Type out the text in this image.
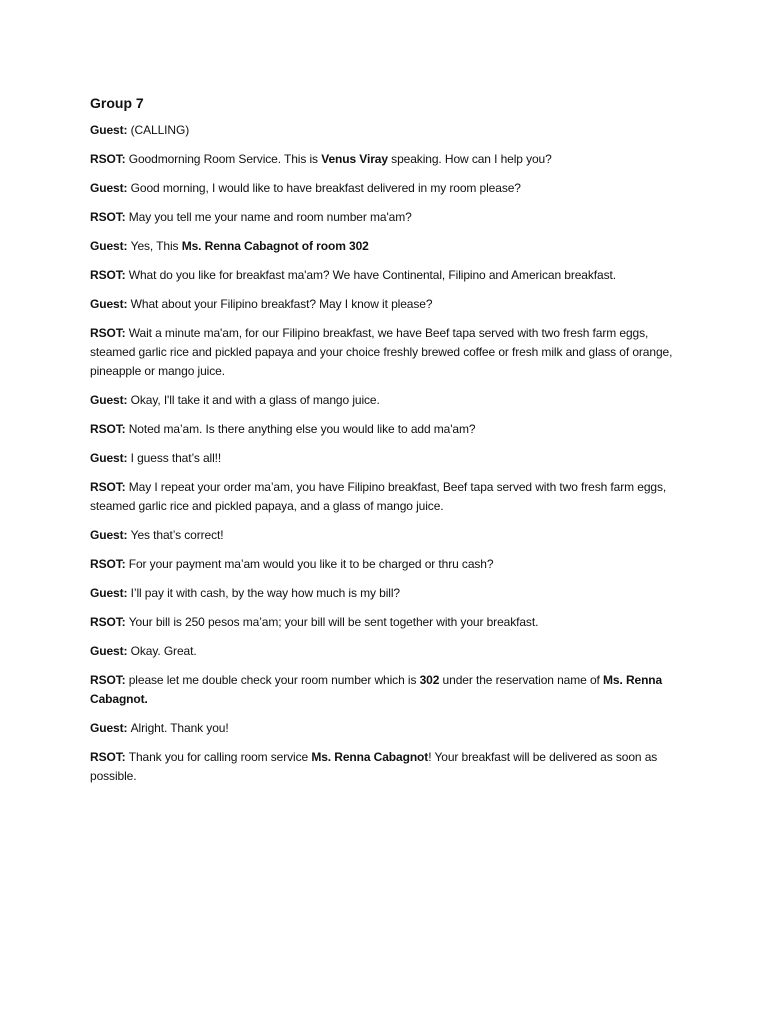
Group 7

Guest: (CALLING)

RSOT: Goodmorning Room Service. This is Venus Viray speaking. How can I help you?

Guest: Good morning, I would like to have breakfast delivered in my room please?

RSOT: May you tell me your name and room number ma'am?

Guest: Yes, This Ms. Renna Cabagnot of room 302

RSOT: What do you like for breakfast ma'am? We have Continental, Filipino and American breakfast.

Guest: What about your Filipino breakfast? May I know it please?

RSOT: Wait a minute ma'am, for our Filipino breakfast, we have Beef tapa served with two fresh farm eggs, steamed garlic rice and pickled papaya and your choice freshly brewed coffee or fresh milk and glass of orange, pineapple or mango juice.

Guest: Okay, I'll take it and with a glass of mango juice.

RSOT: Noted ma’am. Is there anything else you would like to add ma'am?

Guest: I guess that’s all!!

RSOT: May I repeat your order ma’am, you have Filipino breakfast, Beef tapa served with two fresh farm eggs, steamed garlic rice and pickled papaya, and a glass of mango juice.

Guest: Yes that’s correct!

RSOT: For your payment ma’am would you like it to be charged or thru cash?

Guest: I’ll pay it with cash, by the way how much is my bill?

RSOT: Your bill is 250 pesos ma’am; your bill will be sent together with your breakfast.

Guest: Okay. Great.

RSOT: please let me double check your room number which is 302 under the reservation name of Ms. Renna Cabagnot.

Guest: Alright. Thank you!

RSOT: Thank you for calling room service Ms. Renna Cabagnot! Your breakfast will be delivered as soon as possible.
